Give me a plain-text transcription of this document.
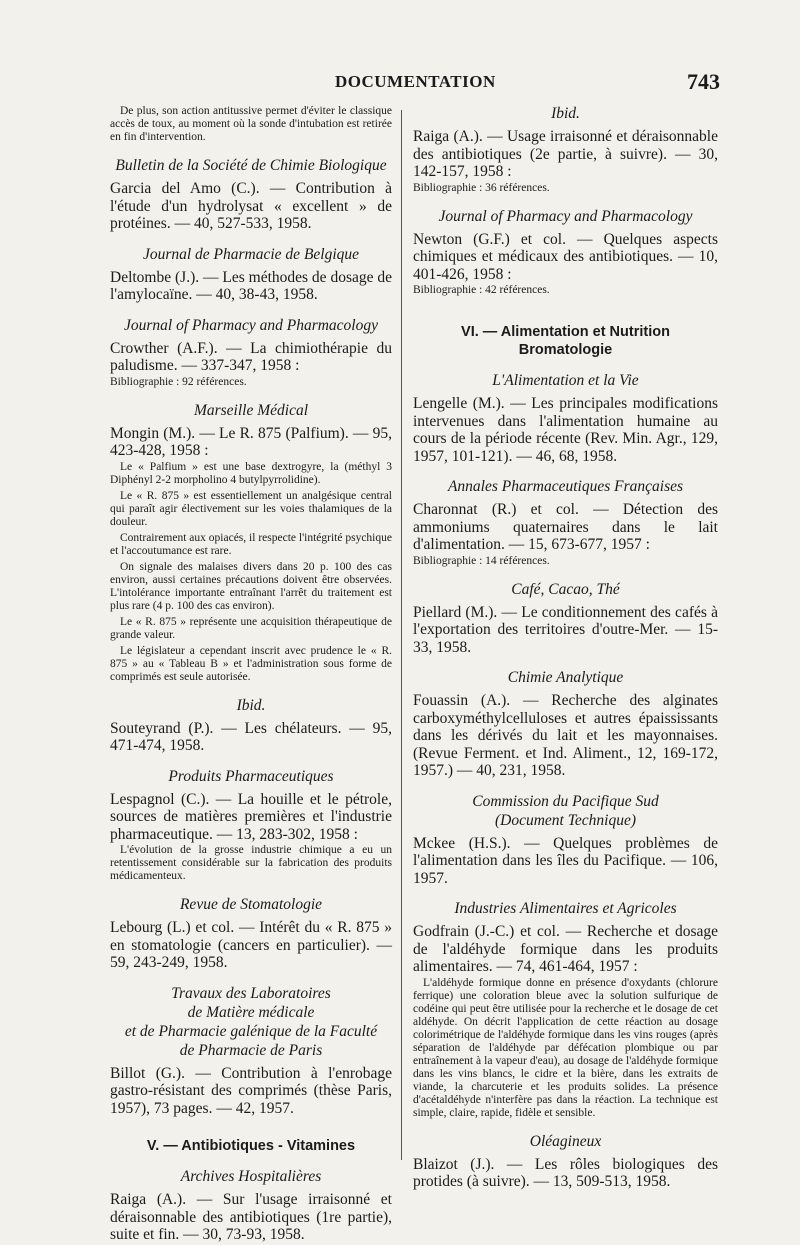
DOCUMENTATION	743

De plus, son action antitussive permet d'éviter le classique accès de toux, au moment où la sonde d'intubation est retirée en fin d'intervention.

Bulletin de la Société de Chimie Biologique

Garcia del Amo (C.). — Contribution à l'étude d'un hydrolysat « excellent » de protéines. — 40, 527-533, 1958.

Journal de Pharmacie de Belgique

Deltombe (J.). — Les méthodes de dosage de l'amylocaïne. — 40, 38-43, 1958.

Journal of Pharmacy and Pharmacology

Crowther (A.F.). — La chimiothérapie du paludisme. — 337-347, 1958 :

Bibliographie : 92 références.

Marseille Médical

Mongin (M.). — Le R. 875 (Palfium). — 95, 423-428, 1958 :

Le « Palfium » est une base dextrogyre, la (méthyl 3 Diphényl 2-2 morpholino 4 butylpyrrolidine).

Le « R. 875 » est essentiellement un analgésique central qui paraît agir électivement sur les voies thalamiques de la douleur.

Contrairement aux opiacés, il respecte l'intégrité psychique et l'accoutumance est rare.

On signale des malaises divers dans 20 p. 100 des cas environ, aussi certaines précautions doivent être observées. L'intolérance importante entraînant l'arrêt du traitement est plus rare (4 p. 100 des cas environ).

Le « R. 875 » représente une acquisition thérapeutique de grande valeur.

Le législateur a cependant inscrit avec prudence le « R. 875 » au « Tableau B » et l'administration sous forme de comprimés est seule autorisée.

Ibid.

Souteyrand (P.). — Les chélateurs. — 95, 471-474, 1958.

Produits Pharmaceutiques

Lespagnol (C.). — La houille et le pétrole, sources de matières premières et l'industrie pharmaceutique. — 13, 283-302, 1958 :

L'évolution de la grosse industrie chimique a eu un retentissement considérable sur la fabrication des produits médicamenteux.

Revue de Stomatologie

Lebourg (L.) et col. — Intérêt du « R. 875 » en stomatologie (cancers en particulier). — 59, 243-249, 1958.

Travaux des Laboratoires
de Matière médicale
et de Pharmacie galénique de la Faculté
de Pharmacie de Paris

Billot (G.). — Contribution à l'enrobage gastro-résistant des comprimés (thèse Paris, 1957), 73 pages. — 42, 1957.

V. — Antibiotiques - Vitamines
Archives Hospitalières

Raiga (A.). — Sur l'usage irraisonné et déraisonnable des antibiotiques (1re partie), suite et fin. — 30, 73-93, 1958.

Ibid.

Raiga (A.). — Usage irraisonné et déraisonnable des antibiotiques (2e partie, à suivre). — 30, 142-157, 1958 :

Bibliographie : 36 références.

Journal of Pharmacy and Pharmacology

Newton (G.F.) et col. — Quelques aspects chimiques et médicaux des antibiotiques. — 10, 401-426, 1958 :

Bibliographie : 42 références.

VI. — Alimentation et Nutrition
Bromatologie
L'Alimentation et la Vie

Lengelle (M.). — Les principales modifications intervenues dans l'alimentation humaine au cours de la période récente (Rev. Min. Agr., 129, 1957, 101-121). — 46, 68, 1958.

Annales Pharmaceutiques Françaises

Charonnat (R.) et col. — Détection des ammoniums quaternaires dans le lait d'alimentation. — 15, 673-677, 1957 :

Bibliographie : 14 références.

Café, Cacao, Thé

Piellard (M.). — Le conditionnement des cafés à l'exportation des territoires d'outre-Mer. — 15-33, 1958.

Chimie Analytique

Fouassin (A.). — Recherche des alginates carboxyméthylcelluloses et autres épaississants dans les dérivés du lait et les mayonnaises. (Revue Ferment. et Ind. Aliment., 12, 169-172, 1957.) — 40, 231, 1958.

Commission du Pacifique Sud
(Document Technique)

Mckee (H.S.). — Quelques problèmes de l'alimentation dans les îles du Pacifique. — 106, 1957.

Industries Alimentaires et Agricoles

Godfrain (J.-C.) et col. — Recherche et dosage de l'aldéhyde formique dans les produits alimentaires. — 74, 461-464, 1957 :

L'aldéhyde formique donne en présence d'oxydants (chlorure ferrique) une coloration bleue avec la solution sulfurique de codéine qui peut être utilisée pour la recherche et le dosage de cet aldéhyde. On décrit l'application de cette réaction au dosage colorimétrique de l'aldéhyde formique dans les vins rouges (après séparation de l'aldéhyde par défécation plombique ou par entraînement à la vapeur d'eau), au dosage de l'aldéhyde formique dans les vins blancs, le cidre et la bière, dans les extraits de viande, la charcuterie et les produits solides. La présence d'acétaldéhyde n'interfère pas dans la réaction. La technique est simple, claire, rapide, fidèle et sensible.

Oléagineux

Blaizot (J.). — Les rôles biologiques des protides (à suivre). — 13, 509-513, 1958.
